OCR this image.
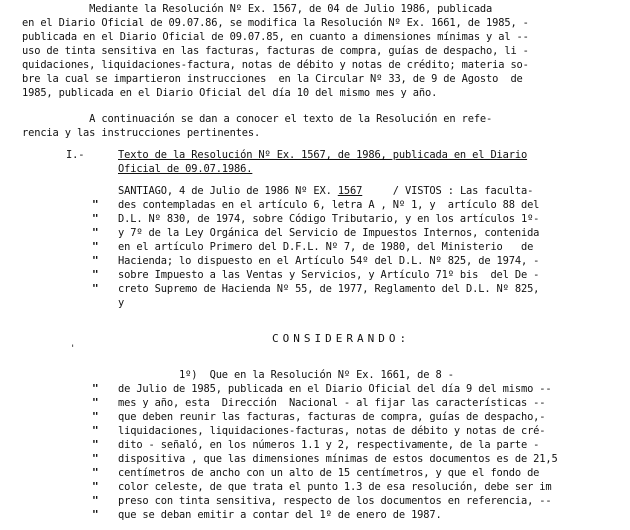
Mediante la Resolución Nº Ex. 1567, de 04 de Julio 1986, publicada
en el Diario Oficial de 09.07.86, se modifica la Resolución Nº Ex. 1661, de 1985, -
publicada en el Diario Oficial de 09.07.85, en cuanto a dimensiones mínimas y al --
uso de tinta sensitiva en las facturas, facturas de compra, guías de despacho, li -
quidaciones, liquidaciones-factura, notas de débito y notas de crédito; materia so-
bre la cual se impartieron instrucciones  en la Circular Nº 33, de 9 de Agosto  de
1985, publicada en el Diario Oficial del día 10 del mismo mes y año.
A continuación se dan a conocer el texto de la Resolución en refe-
rencia y las instrucciones pertinentes.
I.-	Texto de la Resolución Nº Ex. 1567, de 1986, publicada en el Diario
Oficial de 09.07.1986.
SANTIAGO, 4 de Julio de 1986 Nº EX. 1567     / VISTOS : Las faculta-
des contempladas en el artículo 6, letra A , Nº 1, y  artículo 88 del
D.L. Nº 830, de 1974, sobre Código Tributario, y en los artículos 1º-
y 7º de la Ley Orgánica del Servicio de Impuestos Internos, contenida
en el artículo Primero del D.F.L. Nº 7, de 1980, del Ministerio   de
Hacienda; lo dispuesto en el Artículo 54º del D.L. Nº 825, de 1974, -
sobre Impuesto a las Ventas y Servicios, y Artículo 71º bis  del De -
creto Supremo de Hacienda Nº 55, de 1977, Reglamento del D.L. Nº 825,
y
"
"
"
"
"
"
"
CONSIDERANDO:
'
1º)  Que en la Resolución Nº Ex. 1661, de 8 -
de Julio de 1985, publicada en el Diario Oficial del día 9 del mismo --
mes y año, esta  Dirección  Nacional - al fijar las características --
que deben reunir las facturas, facturas de compra, guías de despacho,-
liquidaciones, liquidaciones-facturas, notas de débito y notas de cré-
dito - señaló, en los números 1.1 y 2, respectivamente, de la parte -
dispositiva , que las dimensiones mínimas de estos documentos es de 21,5
centímetros de ancho con un alto de 15 centímetros, y que el fondo de
color celeste, de que trata el punto 1.3 de esa resolución, debe ser im
preso con tinta sensitiva, respecto de los documentos en referencia, --
que se deban emitir a contar del 1º de enero de 1987.
"
"
"
"
"
"
"
"
"
"
